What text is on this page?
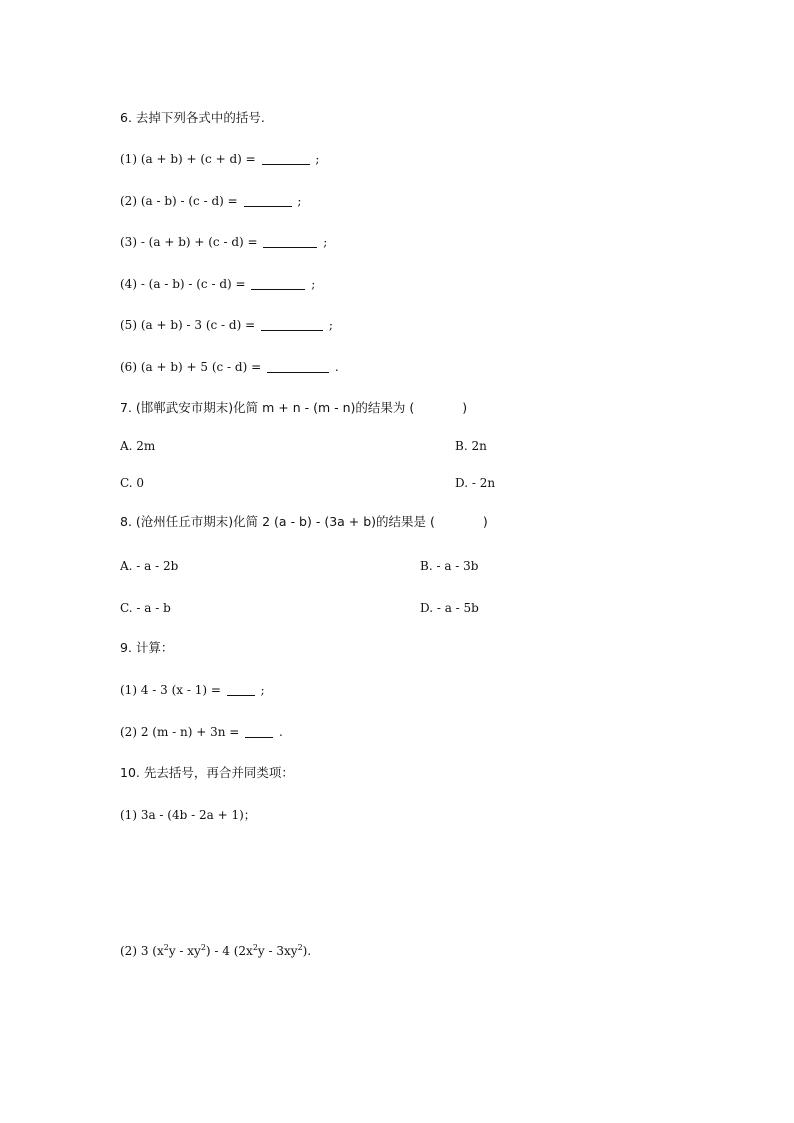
6. 去掉下列各式中的括号.
(1) (a + b) + (c + d) =	;
(2) (a - b) - (c - d) =	;
(3) - (a + b) + (c - d) =	;
(4) - (a - b) - (c - d) =	;
(5) (a + b) - 3 (c - d) =	;
(6) (a + b) + 5 (c - d) =	.
7. (邯郸武安市期末)化简 m + n - (m - n)的结果为 (	)
A. 2m	B. 2n
C. 0	D. - 2n
8. (沧州任丘市期末)化简 2 (a - b) - (3a + b)的结果是 (	)
A. - a - 2b	B. - a - 3b
C. - a - b	D. - a - 5b
9. 计算：
(1) 4 - 3 (x - 1) =	;
(2) 2 (m - n) + 3n =	.
10. 先去括号，再合并同类项：
(1) 3a - (4b - 2a + 1)；
(2) 3 $(x^2y - xy^2) - 4$ $(2x^2y - 3xy^2)$.
